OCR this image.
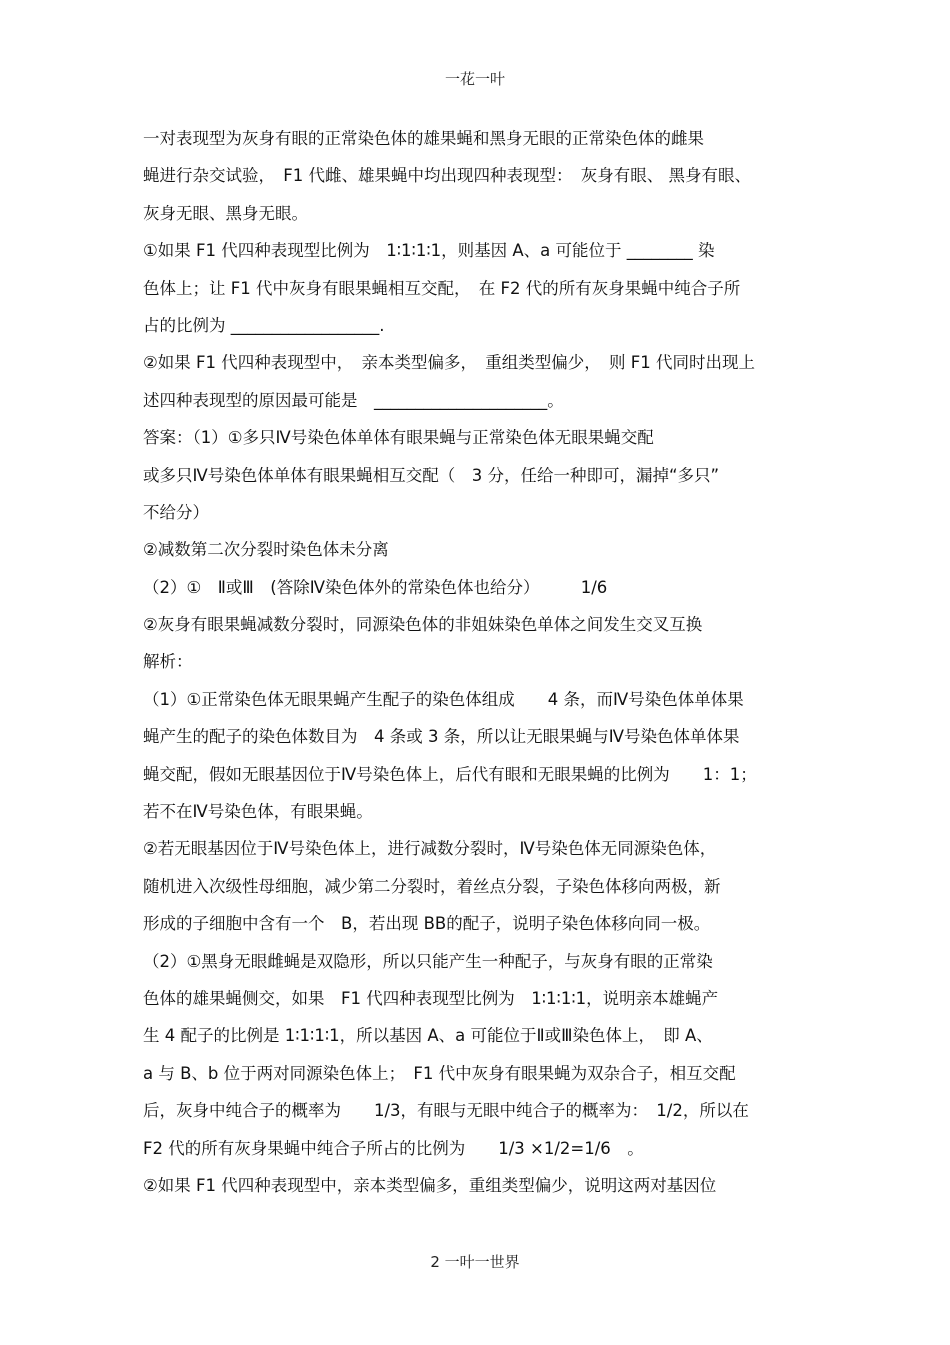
一花一叶
一对表现型为灰身有眼的正常染色体的雄果蝇和黑身无眼的正常染色体的雌果
蝇进行杂交试验，　F1 代雌、雄果蝇中均出现四种表现型：　灰身有眼、 黑身有眼、
灰身无眼、黑身无眼。
①如果 F1 代四种表现型比例为　1∶1∶1∶1，则基因 A、a 可能位于 ________ 染
色体上；让 F1 代中灰身有眼果蝇相互交配，　在 F2 代的所有灰身果蝇中纯合子所
占的比例为 __________________.
②如果 F1 代四种表现型中，　亲本类型偏多，　重组类型偏少，　则 F1 代同时出现上
述四种表现型的原因最可能是　_____________________。
答案：（1）①多只Ⅳ号染色体单体有眼果蝇与正常染色体无眼果蝇交配
或多只Ⅳ号染色体单体有眼果蝇相互交配（　3 分，任给一种即可，漏掉“多只”
不给分）
②减数第二次分裂时染色体未分离
（2）①　Ⅱ或Ⅲ　(答除Ⅳ染色体外的常染色体也给分）　　　1/6
②灰身有眼果蝇减数分裂时，同源染色体的非姐妹染色单体之间发生交叉互换
解析：
（1）①正常染色体无眼果蝇产生配子的染色体组成　　4 条，而Ⅳ号染色体单体果
蝇产生的配子的染色体数目为　4 条或 3 条，所以让无眼果蝇与Ⅳ号染色体单体果
蝇交配，假如无眼基因位于Ⅳ号染色体上，后代有眼和无眼果蝇的比例为　　1：1；
若不在Ⅳ号染色体，有眼果蝇。
②若无眼基因位于Ⅳ号染色体上，进行减数分裂时，Ⅳ号染色体无同源染色体，
随机进入次级性母细胞，减少第二分裂时，着丝点分裂，子染色体移向两极，新
形成的子细胞中含有一个　B，若出现 BB的配子，说明子染色体移向同一极。
（2）①黑身无眼雌蝇是双隐形，所以只能产生一种配子，与灰身有眼的正常染
色体的雄果蝇侧交，如果　F1 代四种表现型比例为　1∶1∶1∶1，说明亲本雄蝇产
生 4 配子的比例是 1∶1∶1∶1，所以基因 A、a 可能位于Ⅱ或Ⅲ染色体上，　即 A、
a 与 B、b 位于两对同源染色体上；　F1 代中灰身有眼果蝇为双杂合子，相互交配
后，灰身中纯合子的概率为　　1/3，有眼与无眼中纯合子的概率为：　1/2，所以在
F2 代的所有灰身果蝇中纯合子所占的比例为　　1/3 ×1/2=1/6　。
②如果 F1 代四种表现型中，亲本类型偏多，重组类型偏少，说明这两对基因位
2 一叶一世界
